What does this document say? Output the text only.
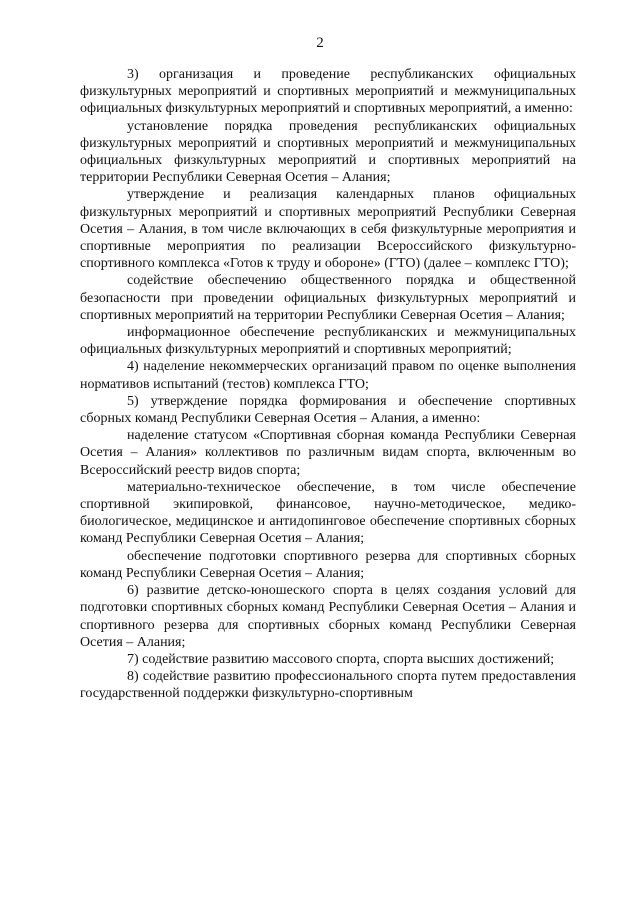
2

3) организация и проведение республиканских официальных физкультурных мероприятий и спортивных мероприятий и межмуниципальных официальных физкультурных мероприятий и спортивных мероприятий, а именно:

установление порядка проведения республиканских официальных физкультурных мероприятий и спортивных мероприятий и межмуниципальных официальных физкультурных мероприятий и спортивных мероприятий на территории Республики Северная Осетия – Алания;

утверждение и реализация календарных планов официальных физкультурных мероприятий и спортивных мероприятий Республики Северная Осетия – Алания, в том числе включающих в себя физкультурные мероприятия и спортивные мероприятия по реализации Всероссийского физкультурно-спортивного комплекса «Готов к труду и обороне» (ГТО) (далее – комплекс ГТО);

содействие обеспечению общественного порядка и общественной безопасности при проведении официальных физкультурных мероприятий и спортивных мероприятий на территории Республики Северная Осетия – Алания;

информационное обеспечение республиканских и межмуниципальных официальных физкультурных мероприятий и спортивных мероприятий;

4) наделение некоммерческих организаций правом по оценке выполнения нормативов испытаний (тестов) комплекса ГТО;

5) утверждение порядка формирования и обеспечение спортивных сборных команд Республики Северная Осетия – Алания, а именно:

наделение статусом «Спортивная сборная команда Республики Северная Осетия – Алания» коллективов по различным видам спорта, включенным во Всероссийский реестр видов спорта;

материально-техническое обеспечение, в том числе обеспечение спортивной экипировкой, финансовое, научно-методическое, медико-биологическое, медицинское и антидопинговое обеспечение спортивных сборных команд Республики Северная Осетия – Алания;

обеспечение подготовки спортивного резерва для спортивных сборных команд Республики Северная Осетия – Алания;

6) развитие детско-юношеского спорта в целях создания условий для подготовки спортивных сборных команд Республики Северная Осетия – Алания и спортивного резерва для спортивных сборных команд Республики Северная Осетия – Алания;

7) содействие развитию массового спорта, спорта высших достижений;

8) содействие развитию профессионального спорта путем предоставления государственной поддержки физкультурно-спортивным
